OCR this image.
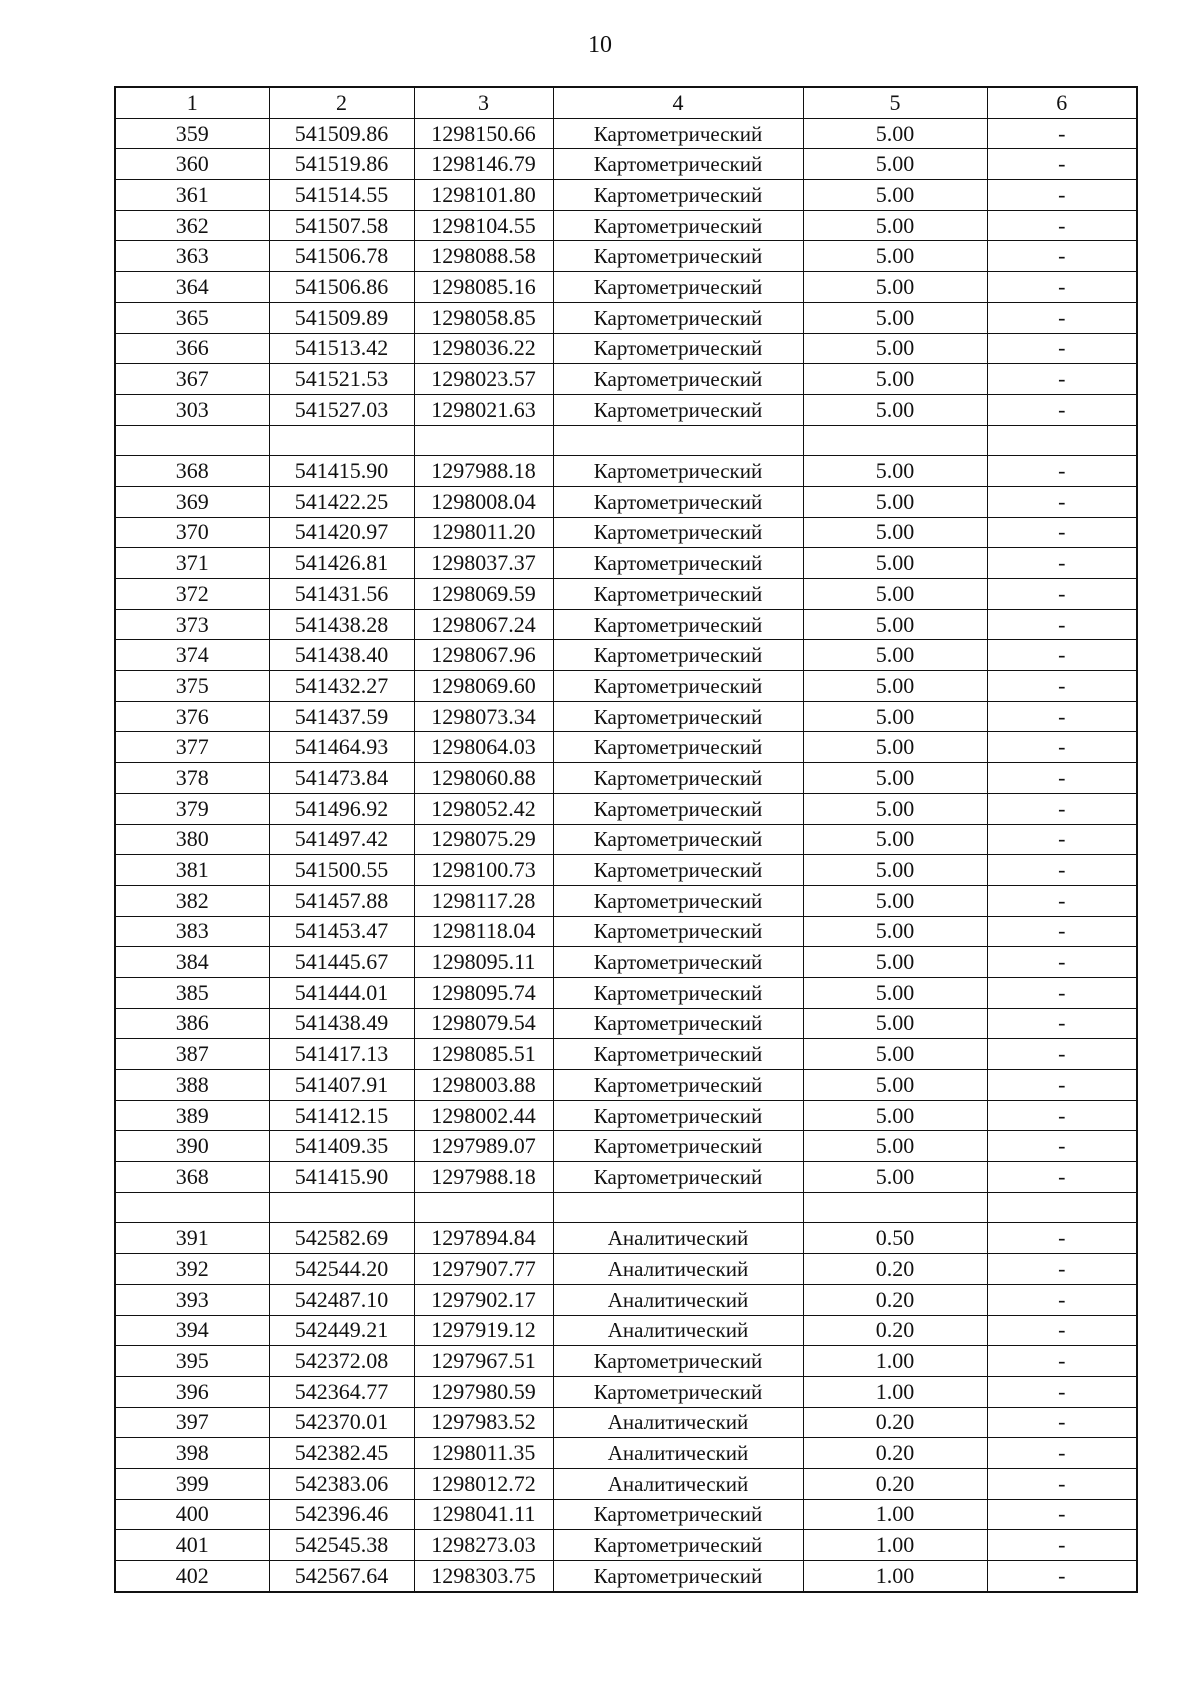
10
1	2	3	4	5	6
359	541509.86	1298150.66	Картометрический	5.00	-
360	541519.86	1298146.79	Картометрический	5.00	-
361	541514.55	1298101.80	Картометрический	5.00	-
362	541507.58	1298104.55	Картометрический	5.00	-
363	541506.78	1298088.58	Картометрический	5.00	-
364	541506.86	1298085.16	Картометрический	5.00	-
365	541509.89	1298058.85	Картометрический	5.00	-
366	541513.42	1298036.22	Картометрический	5.00	-
367	541521.53	1298023.57	Картометрический	5.00	-
303	541527.03	1298021.63	Картометрический	5.00	-

368	541415.90	1297988.18	Картометрический	5.00	-
369	541422.25	1298008.04	Картометрический	5.00	-
370	541420.97	1298011.20	Картометрический	5.00	-
371	541426.81	1298037.37	Картометрический	5.00	-
372	541431.56	1298069.59	Картометрический	5.00	-
373	541438.28	1298067.24	Картометрический	5.00	-
374	541438.40	1298067.96	Картометрический	5.00	-
375	541432.27	1298069.60	Картометрический	5.00	-
376	541437.59	1298073.34	Картометрический	5.00	-
377	541464.93	1298064.03	Картометрический	5.00	-
378	541473.84	1298060.88	Картометрический	5.00	-
379	541496.92	1298052.42	Картометрический	5.00	-
380	541497.42	1298075.29	Картометрический	5.00	-
381	541500.55	1298100.73	Картометрический	5.00	-
382	541457.88	1298117.28	Картометрический	5.00	-
383	541453.47	1298118.04	Картометрический	5.00	-
384	541445.67	1298095.11	Картометрический	5.00	-
385	541444.01	1298095.74	Картометрический	5.00	-
386	541438.49	1298079.54	Картометрический	5.00	-
387	541417.13	1298085.51	Картометрический	5.00	-
388	541407.91	1298003.88	Картометрический	5.00	-
389	541412.15	1298002.44	Картометрический	5.00	-
390	541409.35	1297989.07	Картометрический	5.00	-
368	541415.90	1297988.18	Картометрический	5.00	-

391	542582.69	1297894.84	Аналитический	0.50	-
392	542544.20	1297907.77	Аналитический	0.20	-
393	542487.10	1297902.17	Аналитический	0.20	-
394	542449.21	1297919.12	Аналитический	0.20	-
395	542372.08	1297967.51	Картометрический	1.00	-
396	542364.77	1297980.59	Картометрический	1.00	-
397	542370.01	1297983.52	Аналитический	0.20	-
398	542382.45	1298011.35	Аналитический	0.20	-
399	542383.06	1298012.72	Аналитический	0.20	-
400	542396.46	1298041.11	Картометрический	1.00	-
401	542545.38	1298273.03	Картометрический	1.00	-
402	542567.64	1298303.75	Картометрический	1.00	-
